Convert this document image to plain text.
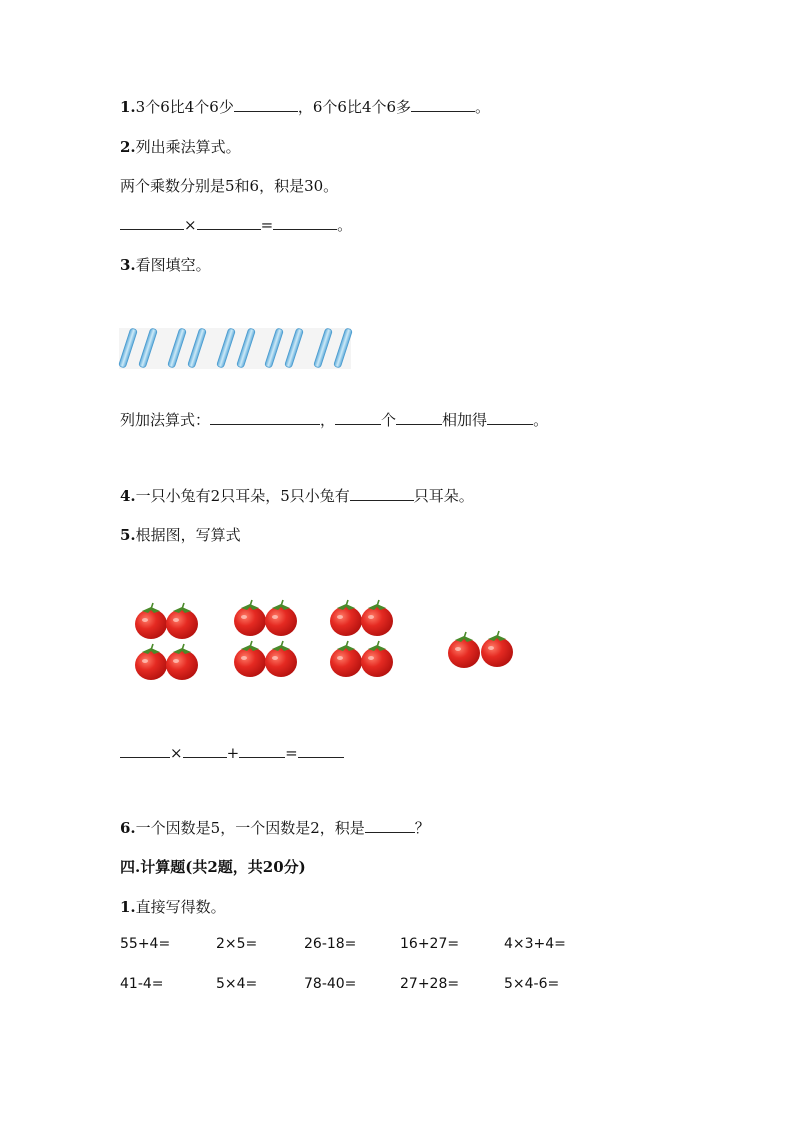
1.3个6比4个6少	，6个6比4个6多	。
2.列出乘法算式。
两个乘数分别是5和6，积是30。
×	=	。
3.看图填空。
列加法算式：	，	个	相加得	。
4.一只小兔有2只耳朵，5只小兔有	只耳朵。
5.根据图，写算式
×	+	=
6.一个因数是5，一个因数是2，积是	？
四.计算题(共2题，共20分)
1.直接写得数。
55+4=	2×5=	26-18=	16+27=	4×3+4=
41-4=	5×4=	78-40=	27+28=	5×4-6=
